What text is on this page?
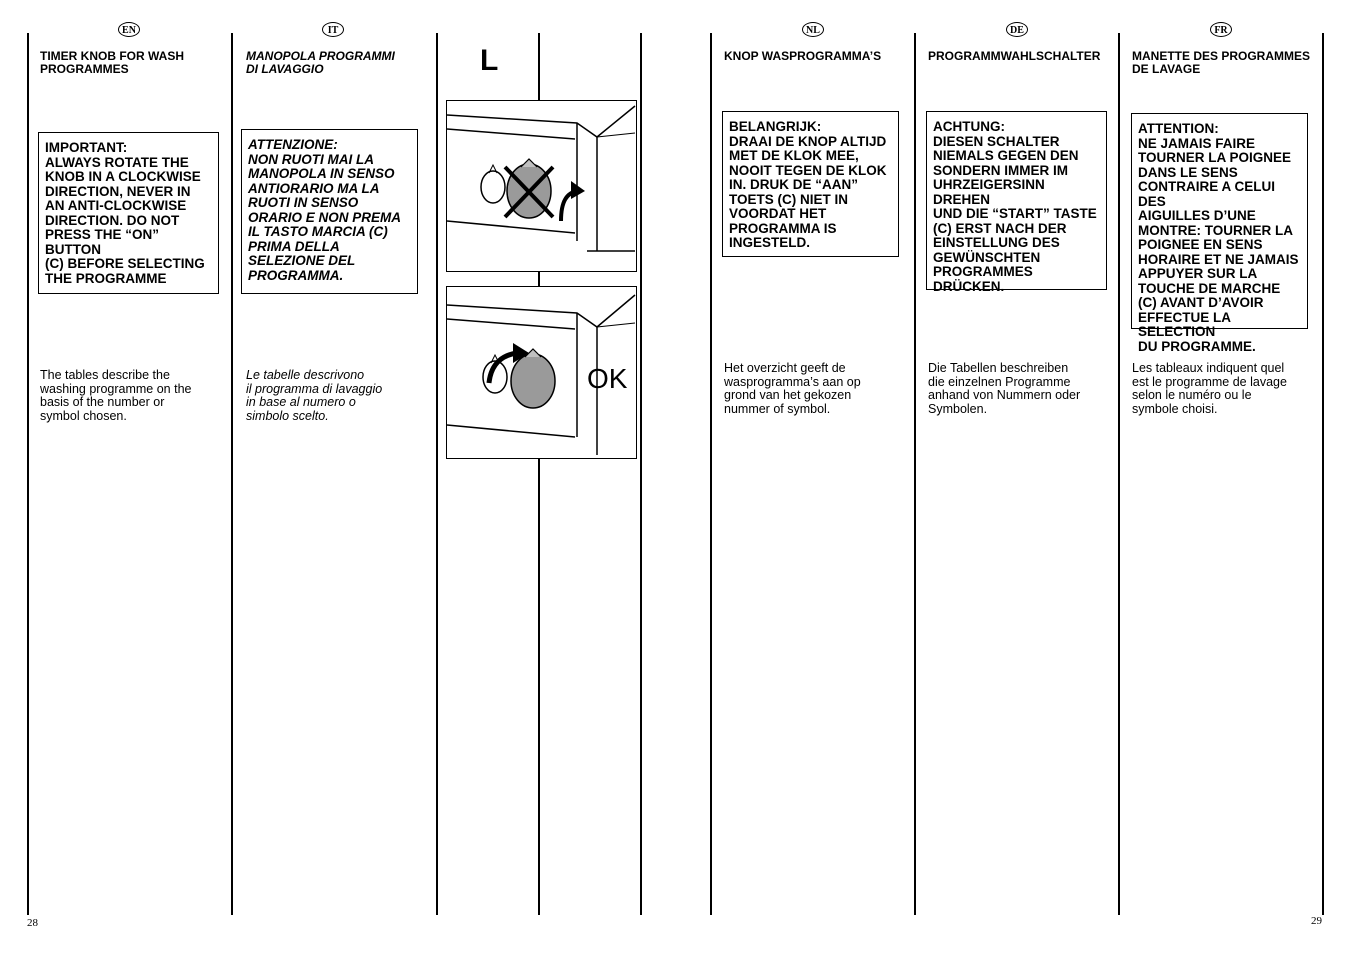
EN
TIMER KNOB FOR WASH
PROGRAMMES
IMPORTANT:
ALWAYS ROTATE THE
KNOB IN A CLOCKWISE
DIRECTION, NEVER IN
AN ANTI-CLOCKWISE
DIRECTION. DO NOT
PRESS THE “ON” BUTTON
(C) BEFORE SELECTING
THE PROGRAMME
The tables describe the
washing programme on the
basis of the number or
symbol chosen.
IT
MANOPOLA PROGRAMMI
DI LAVAGGIO
ATTENZIONE:
NON RUOTI MAI LA
MANOPOLA IN SENSO
ANTIORARIO MA LA
RUOTI IN SENSO
ORARIO E NON PREMA
IL TASTO MARCIA (C)
PRIMA DELLA
SELEZIONE DEL
PROGRAMMA.
Le tabelle descrivono
il programma di lavaggio
in base al numero o
simbolo scelto.
L
OK
NL
KNOP WASPROGRAMMA’S
BELANGRIJK:
DRAAI DE KNOP ALTIJD
MET DE KLOK MEE,
NOOIT TEGEN DE KLOK
IN. DRUK DE “AAN”
TOETS (C) NIET IN
VOORDAT HET
PROGRAMMA IS
INGESTELD.
Het overzicht geeft de
wasprogramma’s aan op
grond van het gekozen
nummer of symbol.
DE
PROGRAMMWAHLSCHALTER
ACHTUNG:
DIESEN SCHALTER
NIEMALS GEGEN DEN
SONDERN IMMER IM
UHRZEIGERSINN DREHEN
UND DIE “START” TASTE
(C) ERST NACH DER
EINSTELLUNG DES
GEWÜNSCHTEN
PROGRAMMES
DRÜCKEN.
Die Tabellen beschreiben
die einzelnen Programme
anhand von Nummern oder
Symbolen.
FR
MANETTE DES PROGRAMMES
DE LAVAGE
ATTENTION:
NE JAMAIS FAIRE
TOURNER LA POIGNEE
DANS LE SENS
CONTRAIRE A CELUI DES
AIGUILLES D’UNE
MONTRE: TOURNER LA
POIGNEE EN SENS
HORAIRE ET NE JAMAIS
APPUYER SUR LA
TOUCHE DE MARCHE
(C) AVANT D’AVOIR
EFFECTUE LA SELECTION
DU PROGRAMME.
Les tableaux indiquent quel
est le programme de lavage
selon le numéro ou le
symbole choisi.
28	29
